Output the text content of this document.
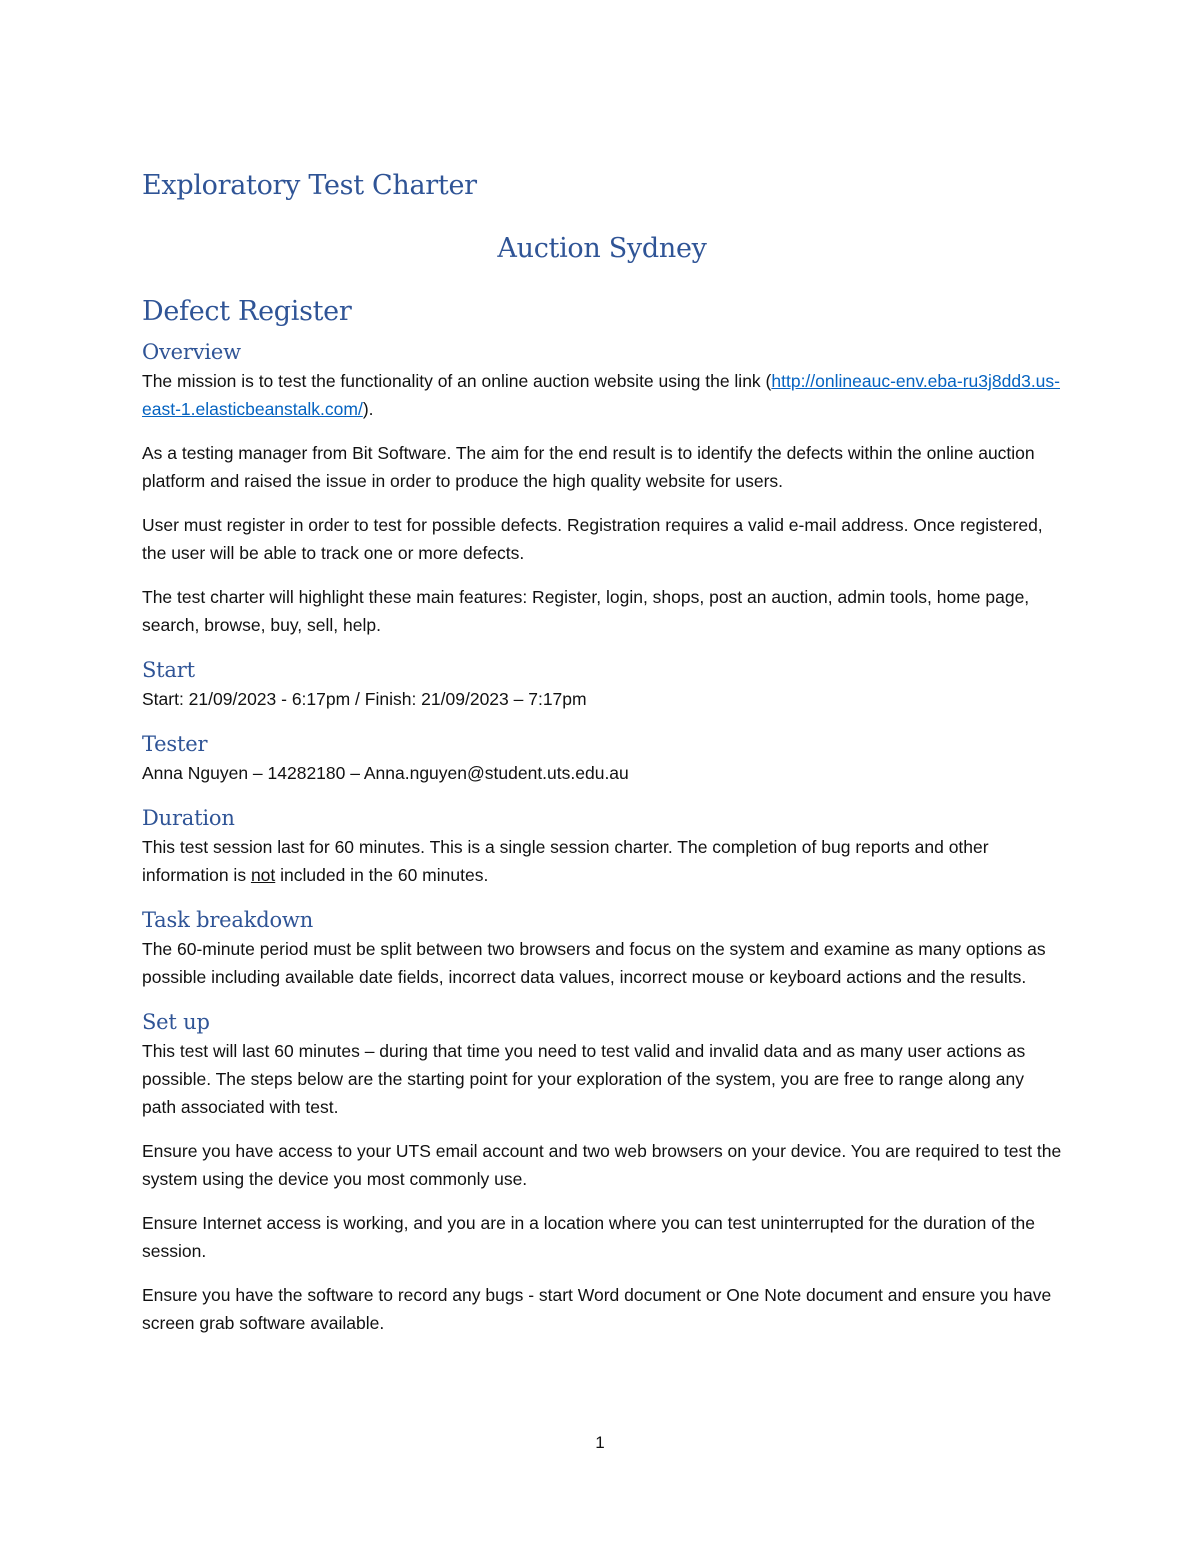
Exploratory Test Charter
Auction Sydney
Defect Register
Overview

The mission is to test the functionality of an online auction website using the link (http://onlineauc-env.eba-ru3j8dd3.us-east-1.elasticbeanstalk.com/).

As a testing manager from Bit Software. The aim for the end result is to identify the defects within the online auction platform and raised the issue in order to produce the high quality website for users.

User must register in order to test for possible defects. Registration requires a valid e-mail address. Once registered, the user will be able to track one or more defects.

The test charter will highlight these main features: Register, login, shops, post an auction, admin tools, home page, search, browse, buy, sell, help.

Start

Start: 21/09/2023 - 6:17pm / Finish: 21/09/2023 – 7:17pm

Tester

Anna Nguyen – 14282180 – Anna.nguyen@student.uts.edu.au

Duration

This test session last for 60 minutes. This is a single session charter. The completion of bug reports and other information is not included in the 60 minutes.

Task breakdown

The 60-minute period must be split between two browsers and focus on the system and examine as many options as possible including available date fields, incorrect data values, incorrect mouse or keyboard actions and the results.

Set up

This test will last 60 minutes – during that time you need to test valid and invalid data and as many user actions as possible. The steps below are the starting point for your exploration of the system, you are free to range along any path associated with test.

Ensure you have access to your UTS email account and two web browsers on your device. You are required to test the system using the device you most commonly use.

Ensure Internet access is working, and you are in a location where you can test uninterrupted for the duration of the session.

Ensure you have the software to record any bugs - start Word document or One Note document and ensure you have screen grab software available.

1
